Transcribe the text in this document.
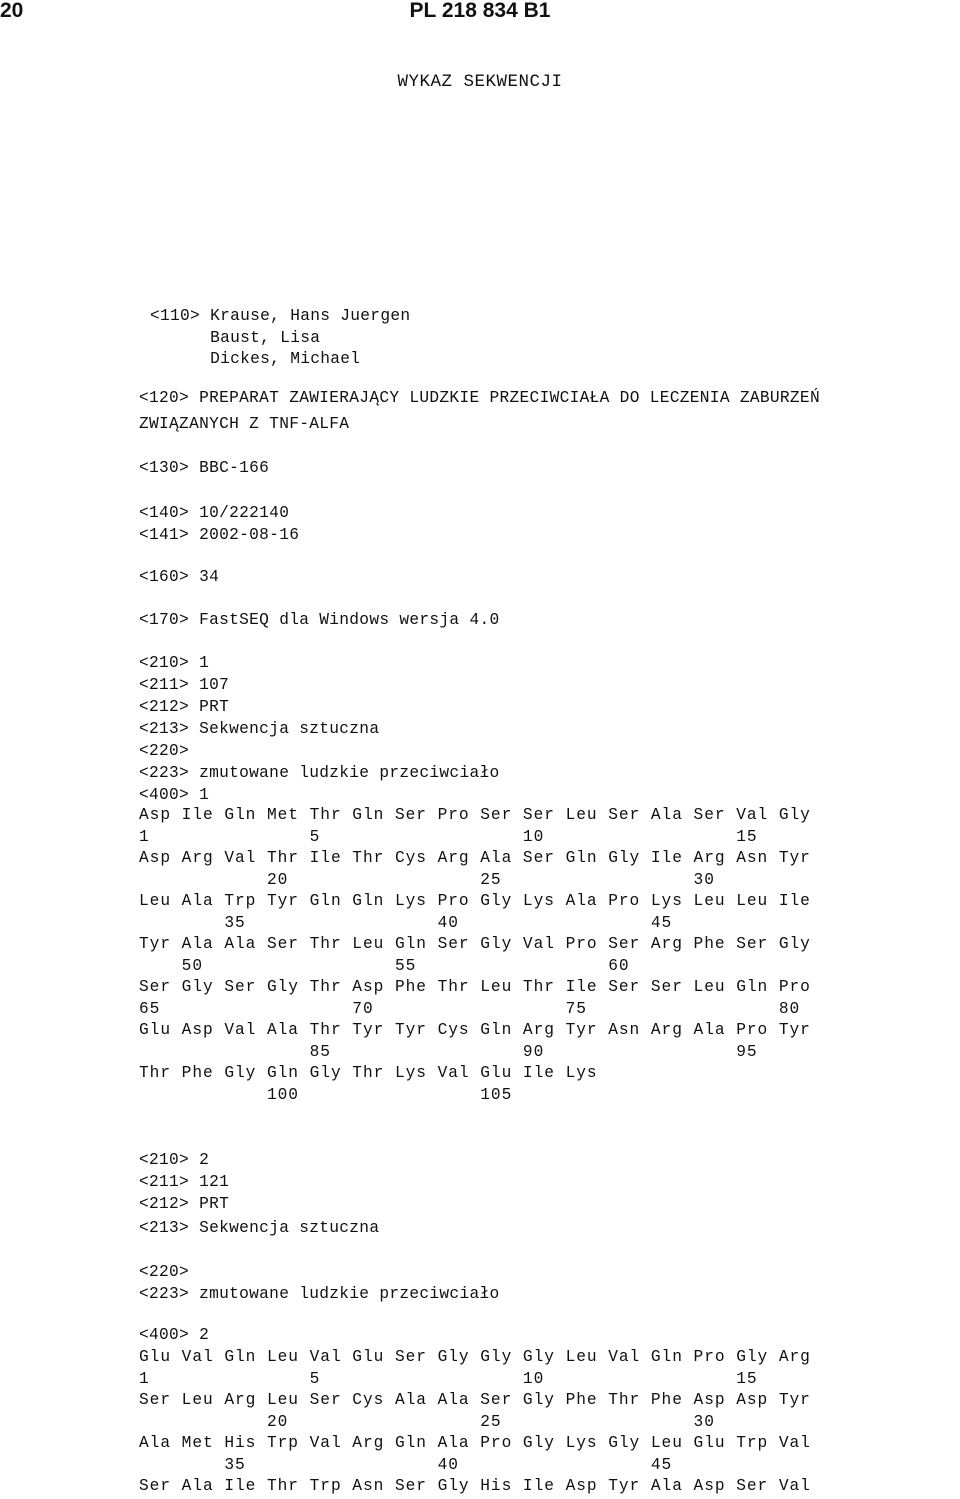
20	PL 218 834 B1
WYKAZ SEKWENCJI
<110> Krause, Hans Juergen
Baust, Lisa
Dickes, Michael
<120> PREPARAT ZAWIERAJĄCY LUDZKIE PRZECIWCIAŁA DO LECZENIA ZABURZEŃ
ZWIĄZANYCH Z TNF-ALFA
<130> BBC-166
<140> 10/222140
<141> 2002-08-16
<160> 34
<170> FastSEQ dla Windows wersja 4.0
<210> 1
<211> 107
<212> PRT
<213> Sekwencja sztuczna
<220>
<223> zmutowane ludzkie przeciwciało
<400> 1
Asp Ile Gln Met Thr Gln Ser Pro Ser Ser Leu Ser Ala Ser Val Gly
1               5                   10                  15
Asp Arg Val Thr Ile Thr Cys Arg Ala Ser Gln Gly Ile Arg Asn Tyr
20                  25                  30
Leu Ala Trp Tyr Gln Gln Lys Pro Gly Lys Ala Pro Lys Leu Leu Ile
35                  40                  45
Tyr Ala Ala Ser Thr Leu Gln Ser Gly Val Pro Ser Arg Phe Ser Gly
50                  55                  60
Ser Gly Ser Gly Thr Asp Phe Thr Leu Thr Ile Ser Ser Leu Gln Pro
65                  70                  75                  80
Glu Asp Val Ala Thr Tyr Tyr Cys Gln Arg Tyr Asn Arg Ala Pro Tyr
85                  90                  95
Thr Phe Gly Gln Gly Thr Lys Val Glu Ile Lys
100                 105
<210> 2
<211> 121
<212> PRT
<213> Sekwencja sztuczna
<220>
<223> zmutowane ludzkie przeciwciało
<400> 2
Glu Val Gln Leu Val Glu Ser Gly Gly Gly Leu Val Gln Pro Gly Arg
1               5                   10                  15
Ser Leu Arg Leu Ser Cys Ala Ala Ser Gly Phe Thr Phe Asp Asp Tyr
20                  25                  30
Ala Met His Trp Val Arg Gln Ala Pro Gly Lys Gly Leu Glu Trp Val
35                  40                  45
Ser Ala Ile Thr Trp Asn Ser Gly His Ile Asp Tyr Ala Asp Ser Val
